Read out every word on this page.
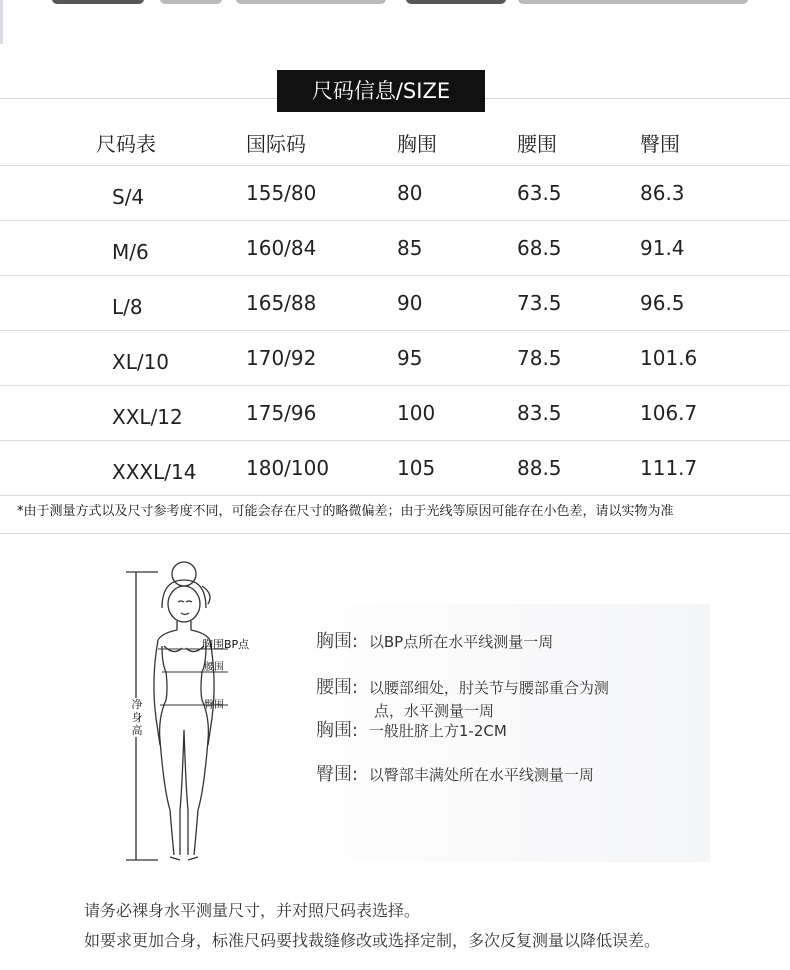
尺码信息/SIZE
尺码表	国际码	胸围	腰围	臀围
S/4	155/80	80	63.5	86.3
M/6	160/84	85	68.5	91.4
L/8	165/88	90	73.5	96.5
XL/10	170/92	95	78.5	101.6
XXL/12	175/96	100	83.5	106.7
XXXL/14 180/100	105	88.5	111.7
*由于测量方式以及尺寸参考度不同，可能会存在尺寸的略微偏差；由于光线等原因可能存在小色差，请以实物为准
胸围BP点
腰围
臀围
净身高
胸围: 以BP点所在水平线测量一周
腰围: 以腰部细处，肘关节与腰部重合为测
点，水平测量一周
胸围: 一般肚脐上方1-2CM
臀围: 以臀部丰满处所在水平线测量一周
请务必裸身水平测量尺寸，并对照尺码表选择。
如要求更加合身，标准尺码要找裁缝修改或选择定制，多次反复测量以降低误差。
